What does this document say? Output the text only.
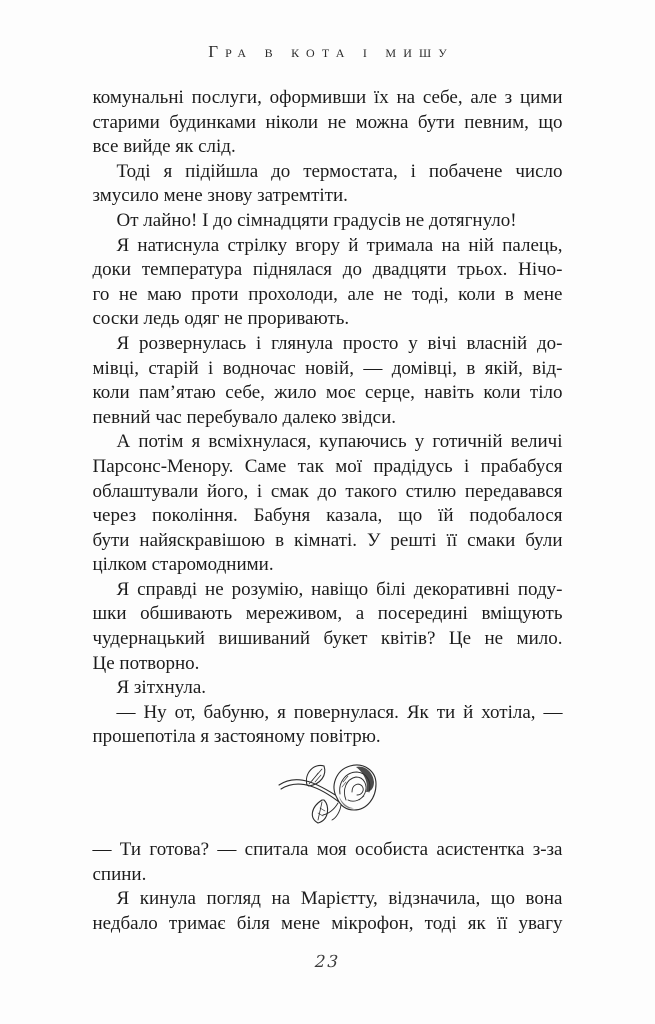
Гра в кота і мишу
комунальні послуги, оформивши їх на себе, але з цими
старими будинками ніколи не можна бути певним, що
все вийде як слід.
Тоді я підійшла до термостата, і побачене число
змусило мене знову затремтіти.
От лайно! І до сімнадцяти градусів не дотягнуло!
Я натиснула стрілку вгору й тримала на ній палець,
доки температура піднялася до двадцяти трьох. Нічо-
го не маю проти прохолоди, але не тоді, коли в мене
соски ледь одяг не проривають.
Я розвернулась і глянула просто у вічі власній до-
мівці, старій і водночас новій, — домівці, в якій, від-
коли пам’ятаю себе, жило моє серце, навіть коли тіло
певний час перебувало далеко звідси.
А потім я всміхнулася, купаючись у готичній величі
Парсонс-Менору. Саме так мої прадідусь і прабабуся
облаштували його, і смак до такого стилю передавався
через покоління. Бабуня казала, що їй подобалося
бути найяскравішою в кімнаті. У решті її смаки були
цілком старомодними.
Я справді не розумію, навіщо білі декоративні поду-
шки обшивають мереживом, а посередині вміщують
чудернацький вишиваний букет квітів? Це не мило.
Це потворно.
Я зітхнула.
— Ну от, бабуню, я повернулася. Як ти й хотіла, —
прошепотіла я застояному повітрю.
— Ти готова? — спитала моя особиста асистентка з-за
спини.
Я кинула погляд на Марієтту, відзначила, що вона
недбало тримає біля мене мікрофон, тоді як її увагу
23
